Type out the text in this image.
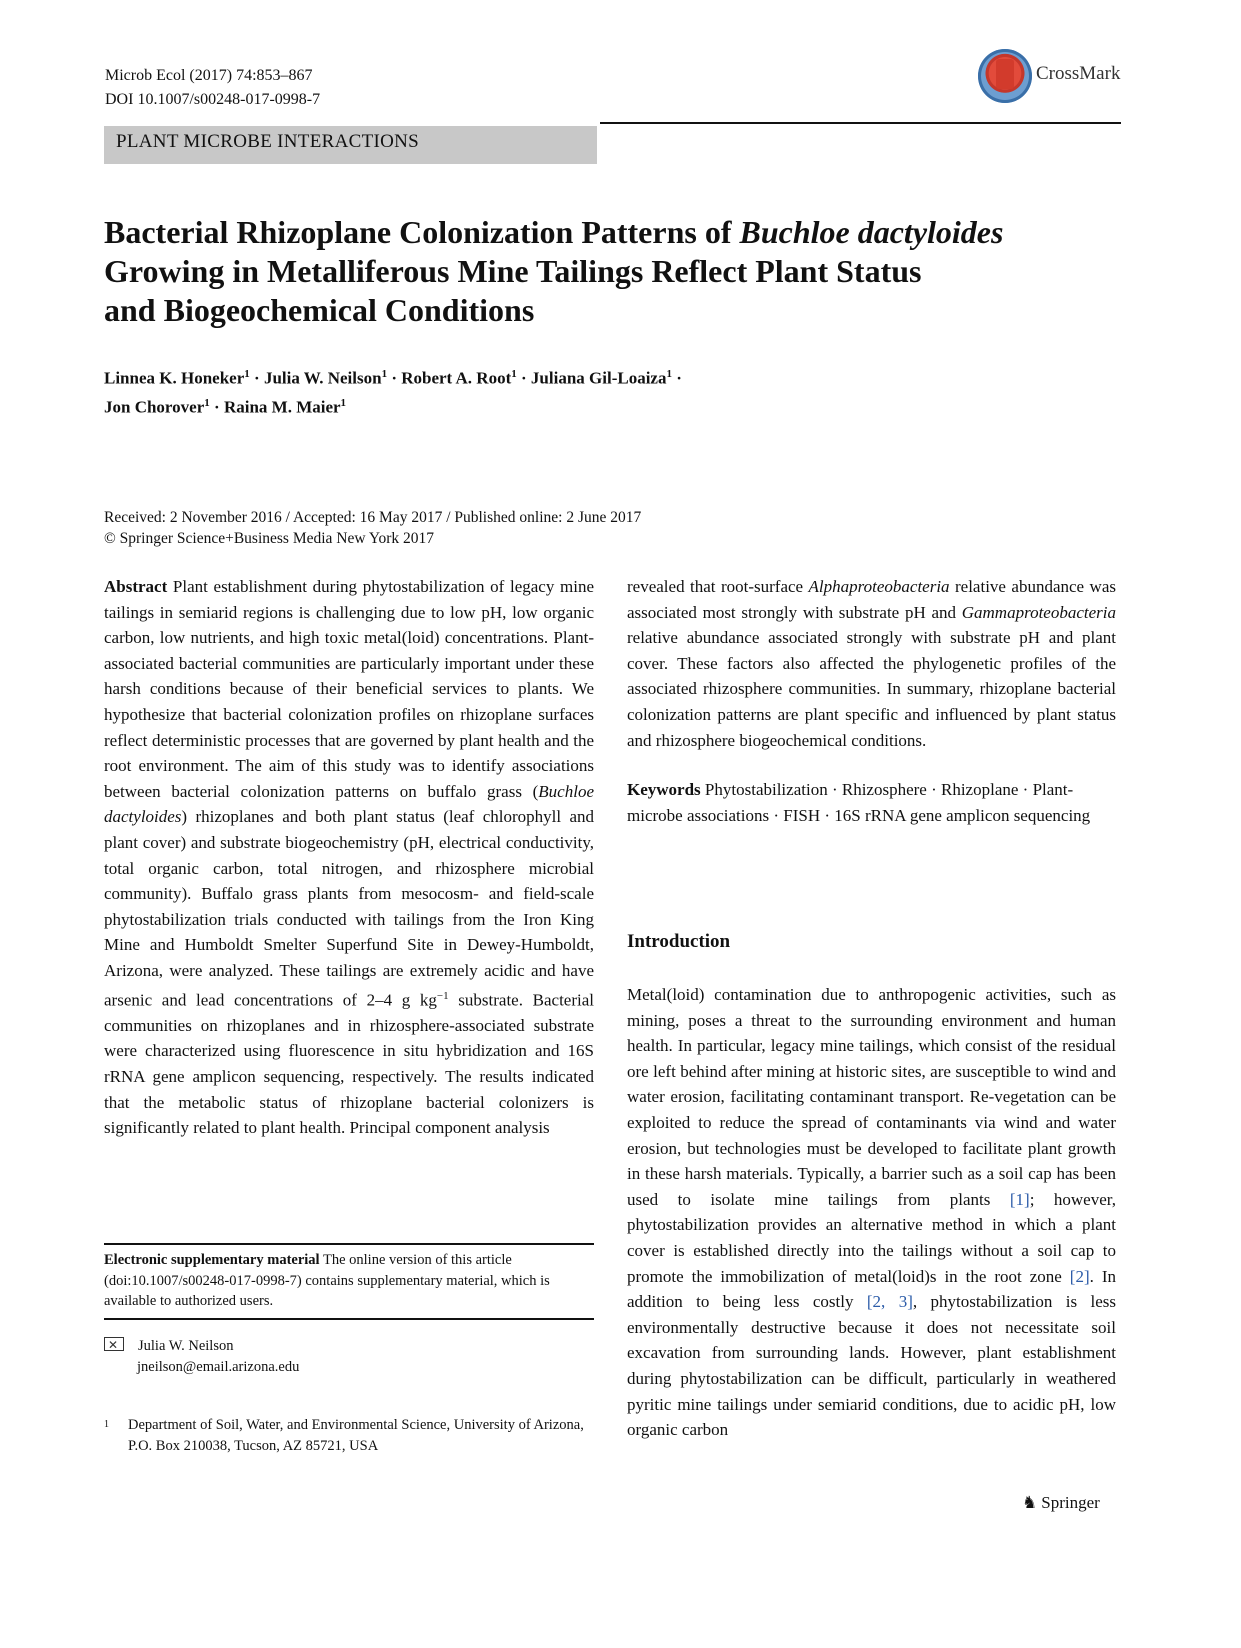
Microb Ecol (2017) 74:853–867
DOI 10.1007/s00248-017-0998-7
CrossMark
PLANT MICROBE INTERACTIONS
Bacterial Rhizoplane Colonization Patterns of Buchloe dactyloides
Growing in Metalliferous Mine Tailings Reflect Plant Status
and Biogeochemical Conditions
Linnea K. Honeker$^1$ · Julia W. Neilson$^1$ · Robert A. Root$^1$ · Juliana Gil-Loaiza$^1$ ·
Jon Chorover$^1$ · Raina M. Maier$^1$
Received: 2 November 2016 / Accepted: 16 May 2017 / Published online: 2 June 2017
© Springer Science+Business Media New York 2017

Abstract Plant establishment during phytostabilization of legacy mine tailings in semiarid regions is challenging due to low pH, low organic carbon, low nutrients, and high toxic metal(loid) concentrations. Plant-associated bacterial communities are particularly important under these harsh conditions because of their beneficial services to plants. We hypothesize that bacterial colonization profiles on rhizoplane surfaces reflect deterministic processes that are governed by plant health and the root environment. The aim of this study was to identify associations between bacterial colonization patterns on buffalo grass (Buchloe dactyloides) rhizoplanes and both plant status (leaf chlorophyll and plant cover) and substrate biogeochemistry (pH, electrical conductivity, total organic carbon, total nitrogen, and rhizosphere microbial community). Buffalo grass plants from mesocosm- and field-scale phytostabilization trials conducted with tailings from the Iron King Mine and Humboldt Smelter Superfund Site in Dewey-Humboldt, Arizona, were analyzed. These tailings are extremely acidic and have arsenic and lead concentrations of 2–4 g $kg^{-1}$ substrate. Bacterial communities on rhizoplanes and in rhizosphere-associated substrate were characterized using fluorescence in situ hybridization and 16S rRNA gene amplicon sequencing, respectively. The results indicated that the metabolic status of rhizoplane bacterial colonizers is significantly related to plant health. Principal component analysis

revealed that root-surface Alphaproteobacteria relative abundance was associated most strongly with substrate pH and Gammaproteobacteria relative abundance associated strongly with substrate pH and plant cover. These factors also affected the phylogenetic profiles of the associated rhizosphere communities. In summary, rhizoplane bacterial colonization patterns are plant specific and influenced by plant status and rhizosphere biogeochemical conditions.

Keywords Phytostabilization · Rhizosphere · Rhizoplane · Plant-microbe associations · FISH · 16S rRNA gene amplicon sequencing

Introduction

Metal(loid) contamination due to anthropogenic activities, such as mining, poses a threat to the surrounding environment and human health. In particular, legacy mine tailings, which consist of the residual ore left behind after mining at historic sites, are susceptible to wind and water erosion, facilitating contaminant transport. Re-vegetation can be exploited to reduce the spread of contaminants via wind and water erosion, but technologies must be developed to facilitate plant growth in these harsh materials. Typically, a barrier such as a soil cap has been used to isolate mine tailings from plants [1]; however, phytostabilization provides an alternative method in which a plant cover is established directly into the tailings without a soil cap to promote the immobilization of metal(loid)s in the root zone [2]. In addition to being less costly [2, 3], phytostabilization is less environmentally destructive because it does not necessitate soil excavation from surrounding lands. However, plant establishment during phytostabilization can be difficult, particularly in weathered pyritic mine tailings under semiarid conditions, due to acidic pH, low organic carbon

Electronic supplementary material The online version of this article (doi:10.1007/s00248-017-0998-7) contains supplementary material, which is available to authorized users.
✕Julia W. Neilson
jneilson@email.arizona.edu
1 Department of Soil, Water, and Environmental Science, University of Arizona, P.O. Box 210038, Tucson, AZ 85721, USA
♞ Springer
